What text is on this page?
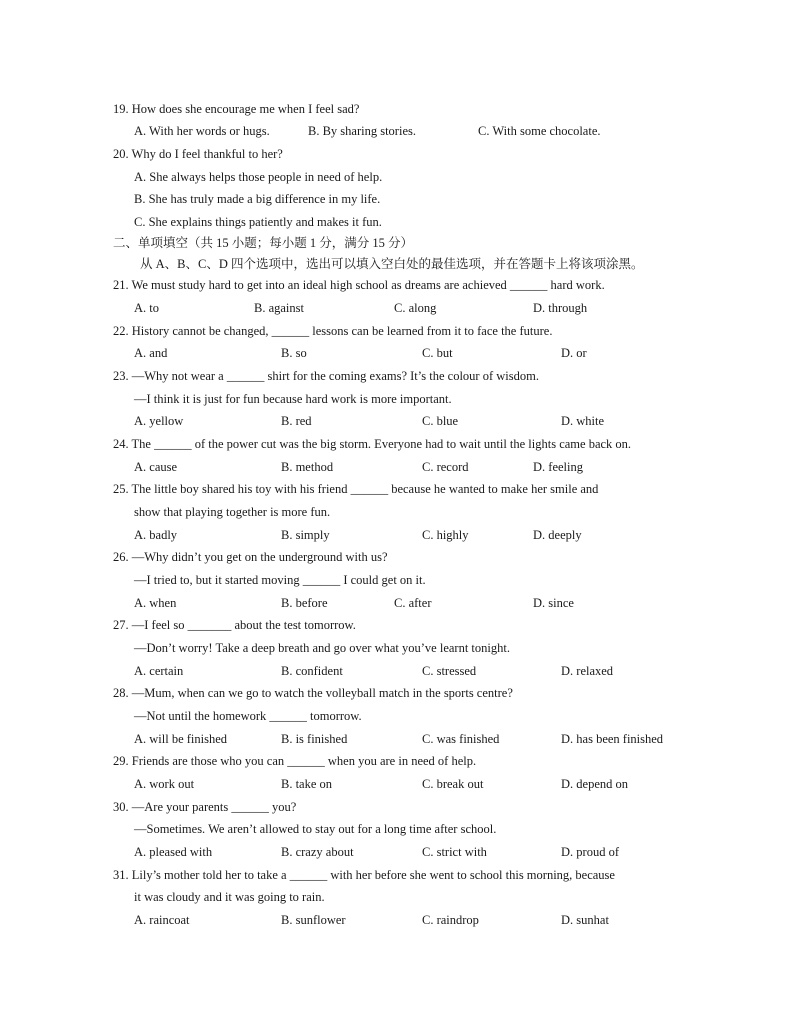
19. How does she encourage me when I feel sad?
A. With her words or hugs.	B. By sharing stories.	C. With some chocolate.
20. Why do I feel thankful to her?
A. She always helps those people in need of help.
B. She has truly made a big difference in my life.
C. She explains things patiently and makes it fun.
二、单项填空（共 15 小题；每小题 1 分，满分 15 分）
从 A、B、C、D 四个选项中，选出可以填入空白处的最佳选项，并在答题卡上将该项涂黑。
21. We must study hard to get into an ideal high school as dreams are achieved ______ hard work.
A. to	B. against	C. along	D. through
22. History cannot be changed, ______ lessons can be learned from it to face the future.
A. and	B. so	C. but	D. or
23. —Why not wear a ______ shirt for the coming exams? It’s the colour of wisdom.
—I think it is just for fun because hard work is more important.
A. yellow	B. red	C. blue	D. white
24. The ______ of the power cut was the big storm. Everyone had to wait until the lights came back on.
A. cause	B. method	C. record	D. feeling
25. The little boy shared his toy with his friend ______ because he wanted to make her smile and
show that playing together is more fun.
A. badly	B. simply	C. highly	D. deeply
26. —Why didn’t you get on the underground with us?
—I tried to, but it started moving ______ I could get on it.
A. when	B. before	C. after	D. since
27. —I feel so _______ about the test tomorrow.
—Don’t worry! Take a deep breath and go over what you’ve learnt tonight.
A. certain	B. confident	C. stressed	D. relaxed
28. —Mum, when can we go to watch the volleyball match in the sports centre?
—Not until the homework ______ tomorrow.
A. will be finished	B. is finished	C. was finished	D. has been finished
29. Friends are those who you can ______ when you are in need of help.
A. work out	B. take on	C. break out	D. depend on
30. —Are your parents ______ you?
—Sometimes. We aren’t allowed to stay out for a long time after school.
A. pleased with	B. crazy about	C. strict with	D. proud of
31. Lily’s mother told her to take a ______ with her before she went to school this morning, because
it was cloudy and it was going to rain.
A. raincoat	B. sunflower	C. raindrop	D. sunhat
